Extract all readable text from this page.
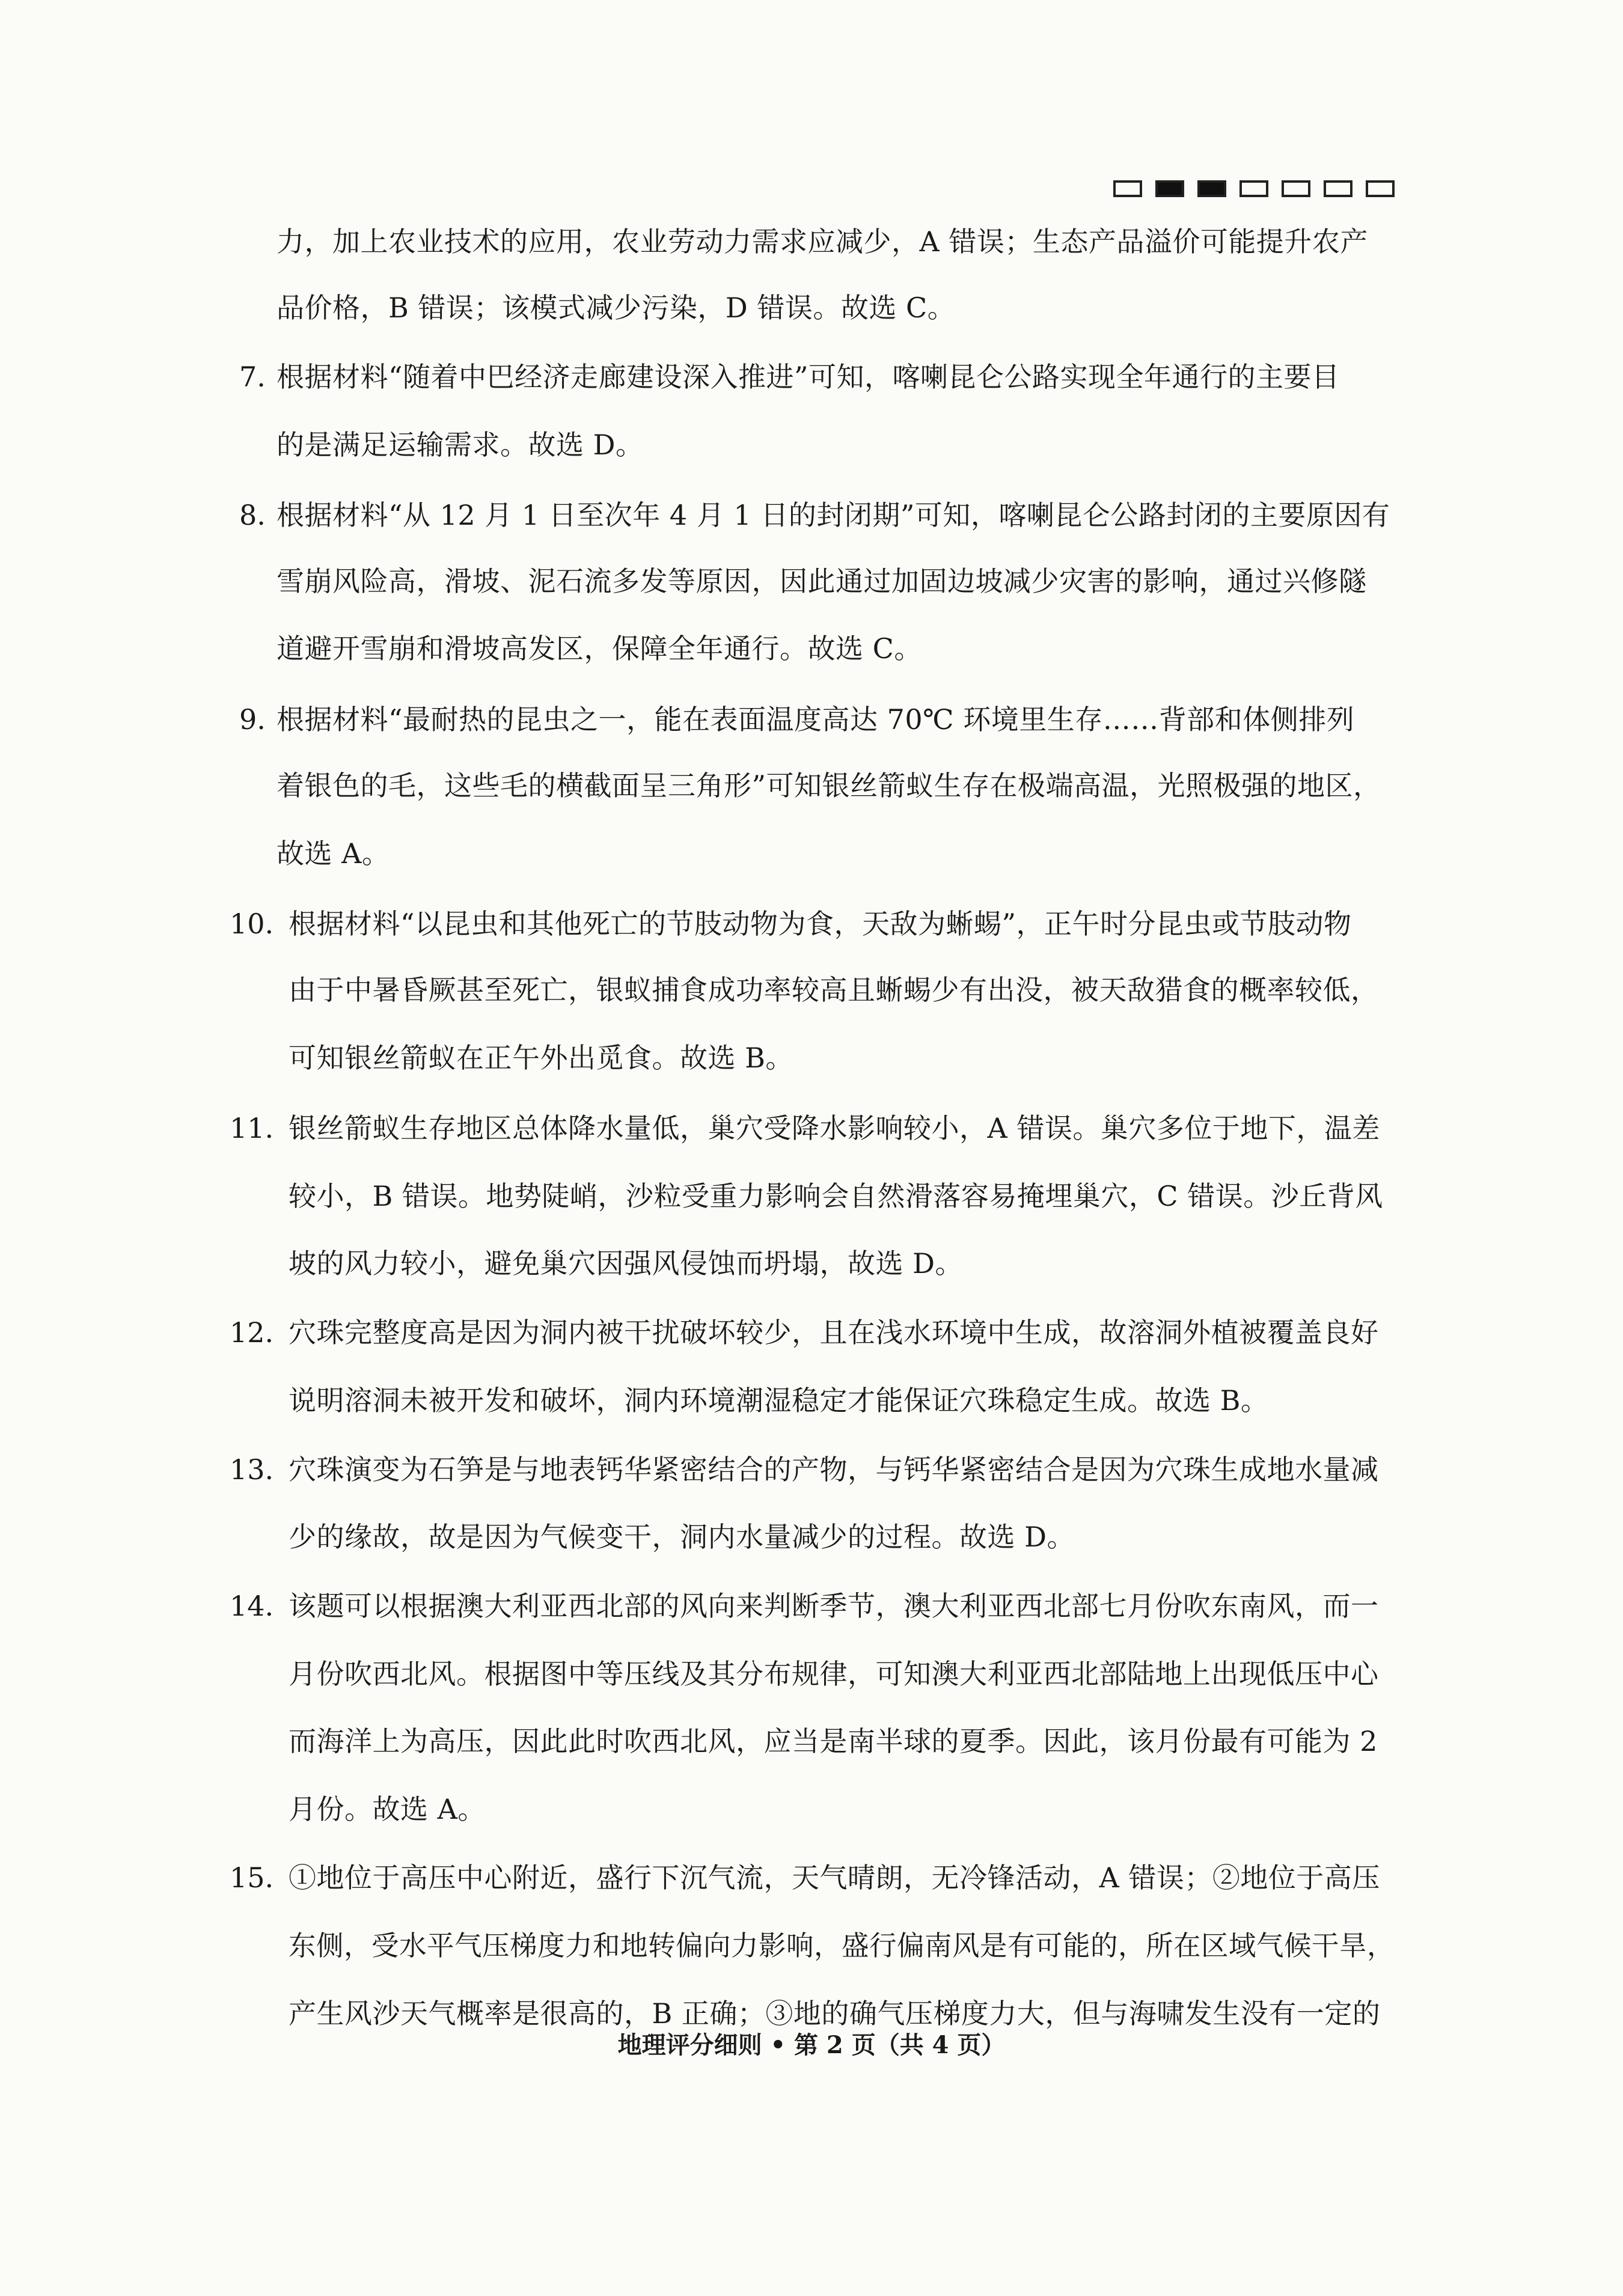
力，加上农业技术的应用，农业劳动力需求应减少，A 错误；生态产品溢价可能提升农产
品价格，B 错误；该模式减少污染，D 错误。故选 C。
7. 根据材料“随着中巴经济走廊建设深入推进”可知，喀喇昆仑公路实现全年通行的主要目
的是满足运输需求。故选 D。
8. 根据材料“从 12 月 1 日至次年 4 月 1 日的封闭期”可知，喀喇昆仑公路封闭的主要原因有
雪崩风险高，滑坡、泥石流多发等原因，因此通过加固边坡减少灾害的影响，通过兴修隧
道避开雪崩和滑坡高发区，保障全年通行。故选 C。
9. 根据材料“最耐热的昆虫之一，能在表面温度高达 70℃ 环境里生存……背部和体侧排列
着银色的毛，这些毛的横截面呈三角形”可知银丝箭蚁生存在极端高温，光照极强的地区，
故选 A。
10. 根据材料“以昆虫和其他死亡的节肢动物为食，天敌为蜥蜴”，正午时分昆虫或节肢动物
由于中暑昏厥甚至死亡，银蚁捕食成功率较高且蜥蜴少有出没，被天敌猎食的概率较低，
可知银丝箭蚁在正午外出觅食。故选 B。
11. 银丝箭蚁生存地区总体降水量低，巢穴受降水影响较小，A 错误。巢穴多位于地下，温差
较小，B 错误。地势陡峭，沙粒受重力影响会自然滑落容易掩埋巢穴，C 错误。沙丘背风
坡的风力较小，避免巢穴因强风侵蚀而坍塌，故选 D。
12. 穴珠完整度高是因为洞内被干扰破坏较少，且在浅水环境中生成，故溶洞外植被覆盖良好
说明溶洞未被开发和破坏，洞内环境潮湿稳定才能保证穴珠稳定生成。故选 B。
13. 穴珠演变为石笋是与地表钙华紧密结合的产物，与钙华紧密结合是因为穴珠生成地水量减
少的缘故，故是因为气候变干，洞内水量减少的过程。故选 D。
14. 该题可以根据澳大利亚西北部的风向来判断季节，澳大利亚西北部七月份吹东南风，而一
月份吹西北风。根据图中等压线及其分布规律，可知澳大利亚西北部陆地上出现低压中心
而海洋上为高压，因此此时吹西北风，应当是南半球的夏季。因此，该月份最有可能为 2
月份。故选 A。
15. ①地位于高压中心附近，盛行下沉气流，天气晴朗，无冷锋活动，A 错误；②地位于高压
东侧，受水平气压梯度力和地转偏向力影响，盛行偏南风是有可能的，所在区域气候干旱，
产生风沙天气概率是很高的，B 正确；③地的确气压梯度力大，但与海啸发生没有一定的
地理评分细则 • 第 2 页（共 4 页）
